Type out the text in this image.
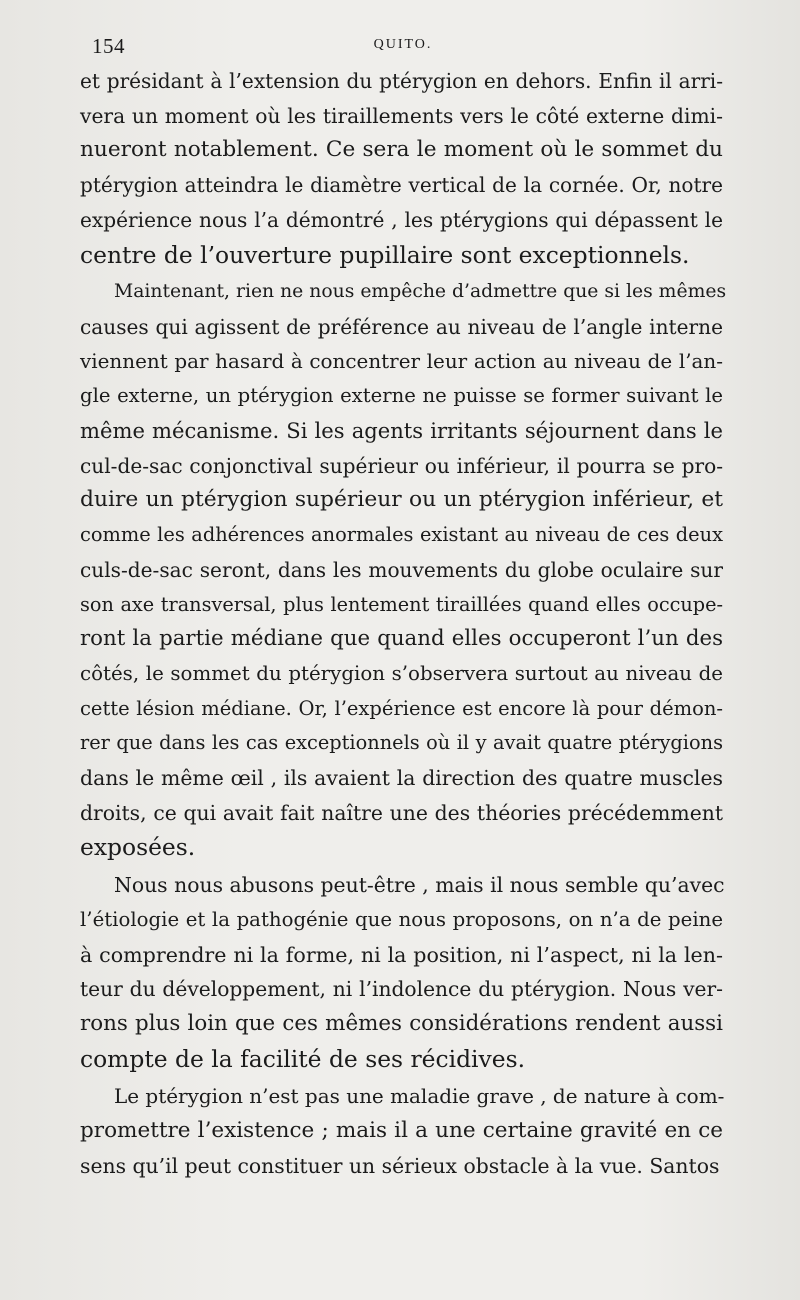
154	QUITO.
et présidant à l’extension du ptérygion en dehors. Enfin il arri-
vera un moment où les tiraillements vers le côté externe dimi-
nueront notablement. Ce sera le moment où le sommet du
ptérygion atteindra le diamètre vertical de la cornée. Or, notre
expérience nous l’a démontré , les ptérygions qui dépassent le
centre de l’ouverture pupillaire sont exceptionnels.
Maintenant, rien ne nous empêche d’admettre que si les mêmes
causes qui agissent de préférence au niveau de l’angle interne
viennent par hasard à concentrer leur action au niveau de l’an-
gle externe, un ptérygion externe ne puisse se former suivant le
même mécanisme. Si les agents irritants séjournent dans le
cul-de-sac conjonctival supérieur ou inférieur, il pourra se pro-
duire un ptérygion supérieur ou un ptérygion inférieur, et
comme les adhérences anormales existant au niveau de ces deux
culs-de-sac seront, dans les mouvements du globe oculaire sur
son axe transversal, plus lentement tiraillées quand elles occupe-
ront la partie médiane que quand elles occuperont l’un des
côtés, le sommet du ptérygion s’observera surtout au niveau de
cette lésion médiane. Or, l’expérience est encore là pour démon-
rer que dans les cas exceptionnels où il y avait quatre ptérygions
dans le même œil , ils avaient la direction des quatre muscles
droits, ce qui avait fait naître une des théories précédemment
exposées.
Nous nous abusons peut-être , mais il nous semble qu’avec
l’étiologie et la pathogénie que nous proposons, on n’a de peine
à comprendre ni la forme, ni la position, ni l’aspect, ni la len-
teur du développement, ni l’indolence du ptérygion. Nous ver-
rons plus loin que ces mêmes considérations rendent aussi
compte de la facilité de ses récidives.
Le ptérygion n’est pas une maladie grave , de nature à com-
promettre l’existence ; mais il a une certaine gravité en ce
sens qu’il peut constituer un sérieux obstacle à la vue. Santos
